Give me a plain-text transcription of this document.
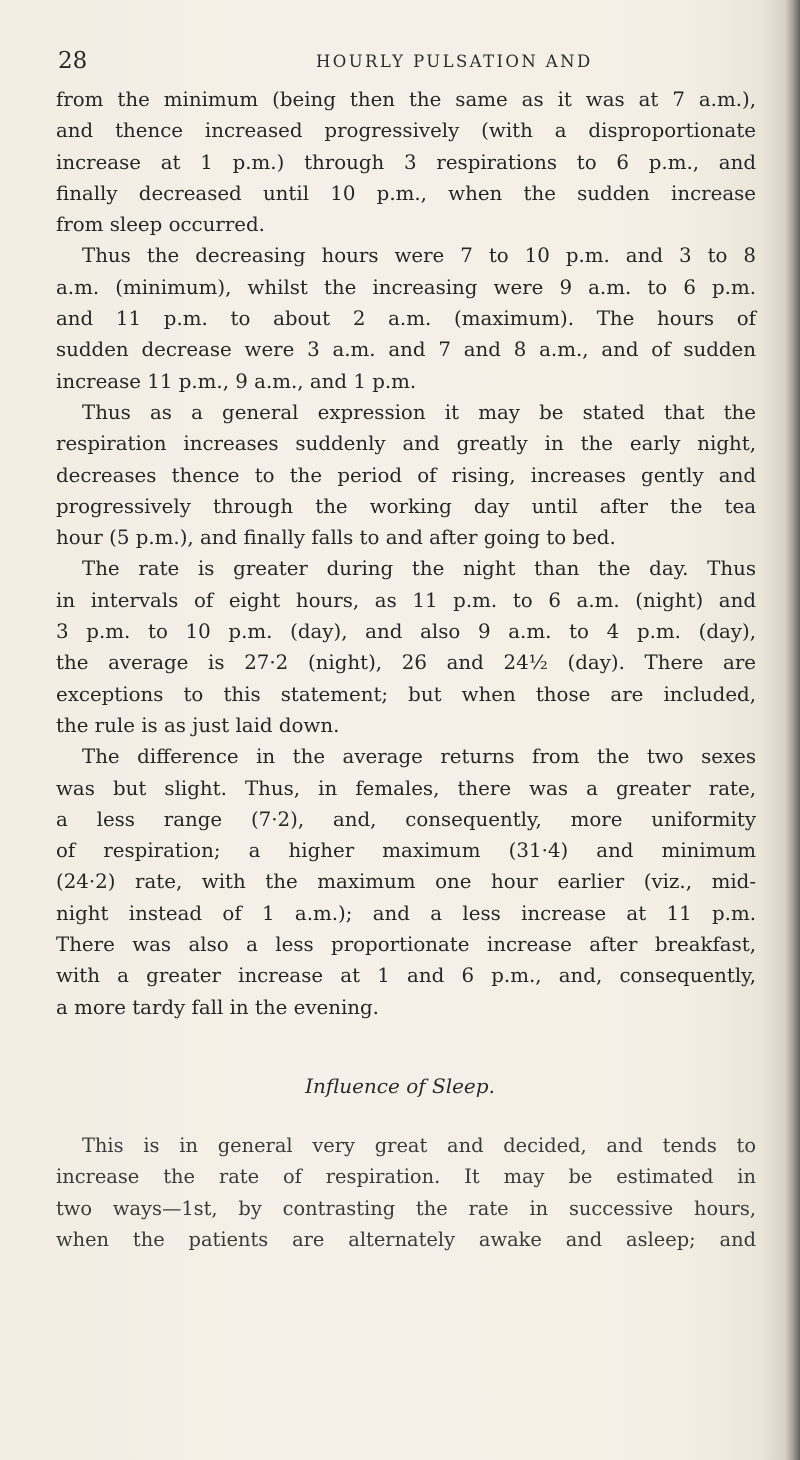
28	HOURLY PULSATION AND
from the minimum (being then the same as it was at 7 a.m.),
and thence increased progressively (with a disproportionate
increase at 1 p.m.) through 3 respirations to 6 p.m., and
finally decreased until 10 p.m., when the sudden increase
from sleep occurred.
Thus the decreasing hours were 7 to 10 p.m. and 3 to 8
a.m. (minimum), whilst the increasing were 9 a.m. to 6 p.m.
and 11 p.m. to about 2 a.m. (maximum). The hours of
sudden decrease were 3 a.m. and 7 and 8 a.m., and of sudden
increase 11 p.m., 9 a.m., and 1 p.m.
Thus as a general expression it may be stated that the
respiration increases suddenly and greatly in the early night,
decreases thence to the period of rising, increases gently and
progressively through the working day until after the tea
hour (5 p.m.), and finally falls to and after going to bed.
The rate is greater during the night than the day. Thus
in intervals of eight hours, as 11 p.m. to 6 a.m. (night) and
3 p.m. to 10 p.m. (day), and also 9 a.m. to 4 p.m. (day),
the average is 27·2 (night), 26 and 24½ (day). There are
exceptions to this statement; but when those are included,
the rule is as just laid down.
The difference in the average returns from the two sexes
was but slight. Thus, in females, there was a greater rate,
a less range (7·2), and, consequently, more uniformity
of respiration; a higher maximum (31·4) and minimum
(24·2) rate, with the maximum one hour earlier (viz., mid-
night instead of 1 a.m.); and a less increase at 11 p.m.
There was also a less proportionate increase after breakfast,
with a greater increase at 1 and 6 p.m., and, consequently,
a more tardy fall in the evening.
Influence of Sleep.
This is in general very great and decided, and tends to
increase the rate of respiration. It may be estimated in
two ways—1st, by contrasting the rate in successive hours,
when the patients are alternately awake and asleep; and
